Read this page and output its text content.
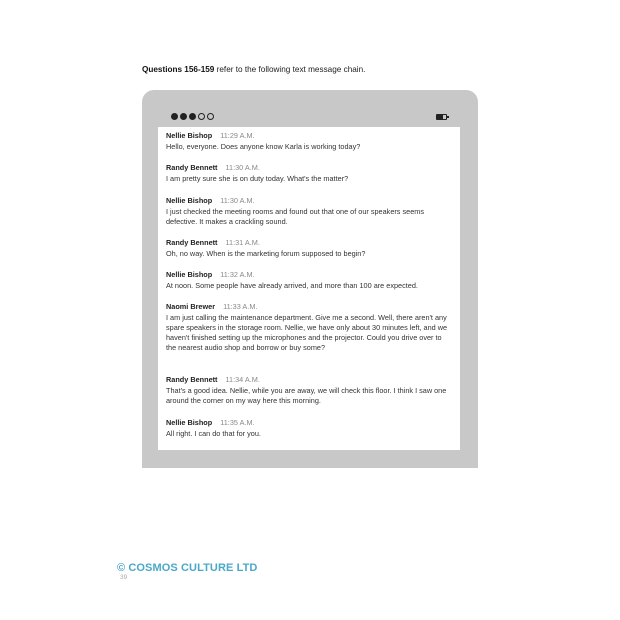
Questions 156-159 refer to the following text message chain.
Nellie Bishop 11:29 A.M.
Hello, everyone. Does anyone know Karla is working today?
Randy Bennett 11:30 A.M.
I am pretty sure she is on duty today. What's the matter?
Nellie Bishop 11:30 A.M.
I just checked the meeting rooms and found out that one of our speakers seems defective. It makes a crackling sound.
Randy Bennett 11:31 A.M.
Oh, no way. When is the marketing forum supposed to begin?
Nellie Bishop 11:32 A.M.
At noon. Some people have already arrived, and more than 100 are expected.
Naomi Brewer 11:33 A.M.
I am just calling the maintenance department. Give me a second. Well, there aren't any spare speakers in the storage room. Nellie, we have only about 30 minutes left, and we haven't finished setting up the microphones and the projector. Could you drive over to the nearest audio shop and borrow or buy some?
Randy Bennett 11:34 A.M.
That's a good idea. Nellie, while you are away, we will check this floor. I think I saw one around the corner on my way here this morning.
Nellie Bishop 11:35 A.M.
All right. I can do that for you.
© COSMOS CULTURE LTD
39
